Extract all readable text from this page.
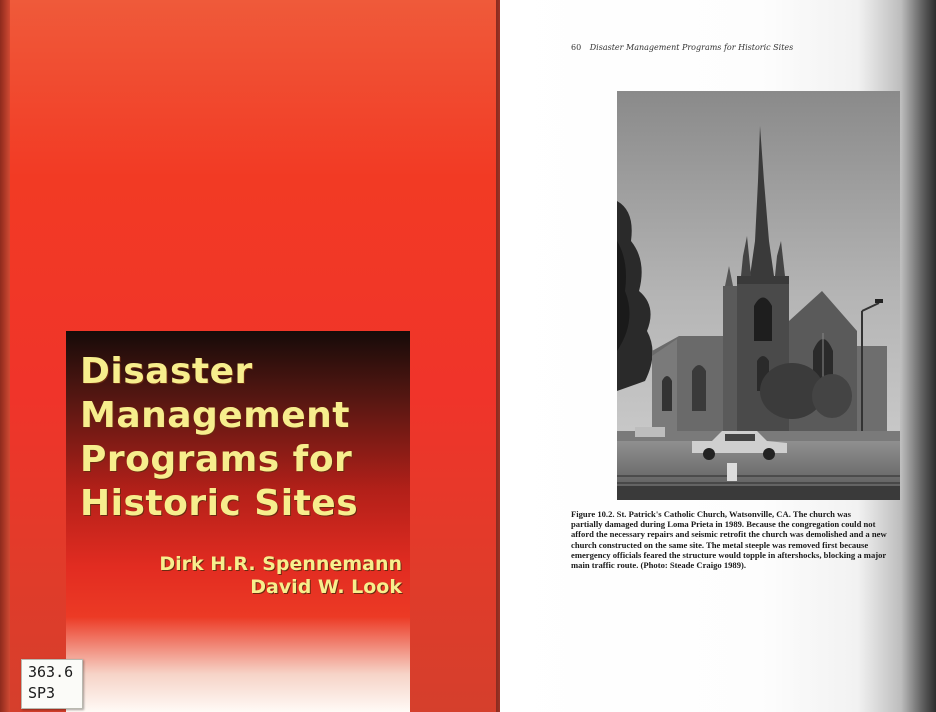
Disaster
Management
Programs for
Historic Sites
Dirk H.R. Spennemann
David W. Look
363.6
SP3
60 Disaster Management Programs for Historic Sites

Figure 10.2. St. Patrick's Catholic Church, Watsonville, CA. The church was
partially damaged during Loma Prieta in 1989. Because the congregation could not
afford the necessary repairs and seismic retrofit the church was demolished and a new
church constructed on the same site. The metal steeple was removed first because
emergency officials feared the structure would topple in aftershocks, blocking a major
main traffic route. (Photo: Steade Craigo 1989).
